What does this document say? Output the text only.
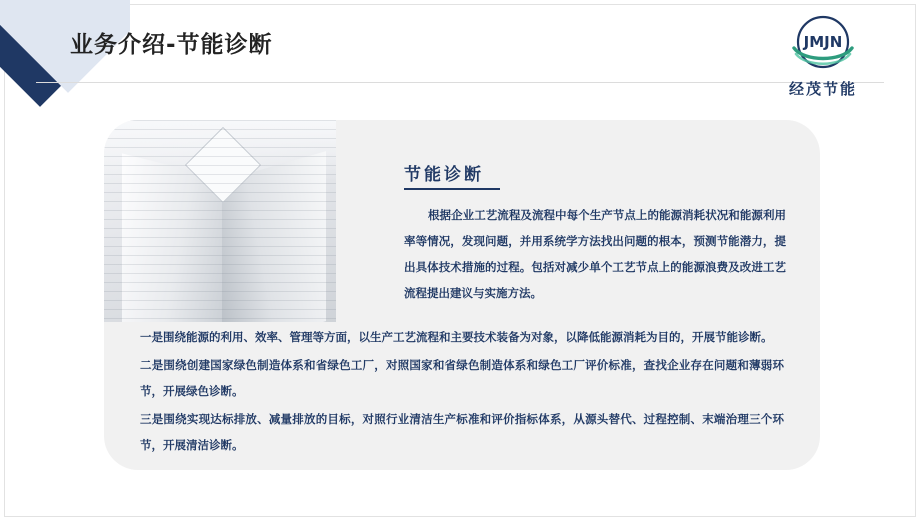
业务介绍-节能诊断	JMJN
经茂节能
节能诊断
根据企业工艺流程及流程中每个生产节点上的能源消耗状况和能源利用率等情况，发现问题，并用系统学方法找出问题的根本，预测节能潜力，提出具体技术措施的过程。包括对减少单个工艺节点上的能源浪费及改进工艺流程提出建议与实施方法。

一是围绕能源的利用、效率、管理等方面，以生产工艺流程和主要技术装备为对象，以降低能源消耗为目的，开展节能诊断。

二是围绕创建国家绿色制造体系和省绿色工厂，对照国家和省绿色制造体系和绿色工厂评价标准，查找企业存在问题和薄弱环节，开展绿色诊断。

三是围绕实现达标排放、减量排放的目标，对照行业清洁生产标准和评价指标体系，从源头替代、过程控制、末端治理三个环节，开展清洁诊断。
